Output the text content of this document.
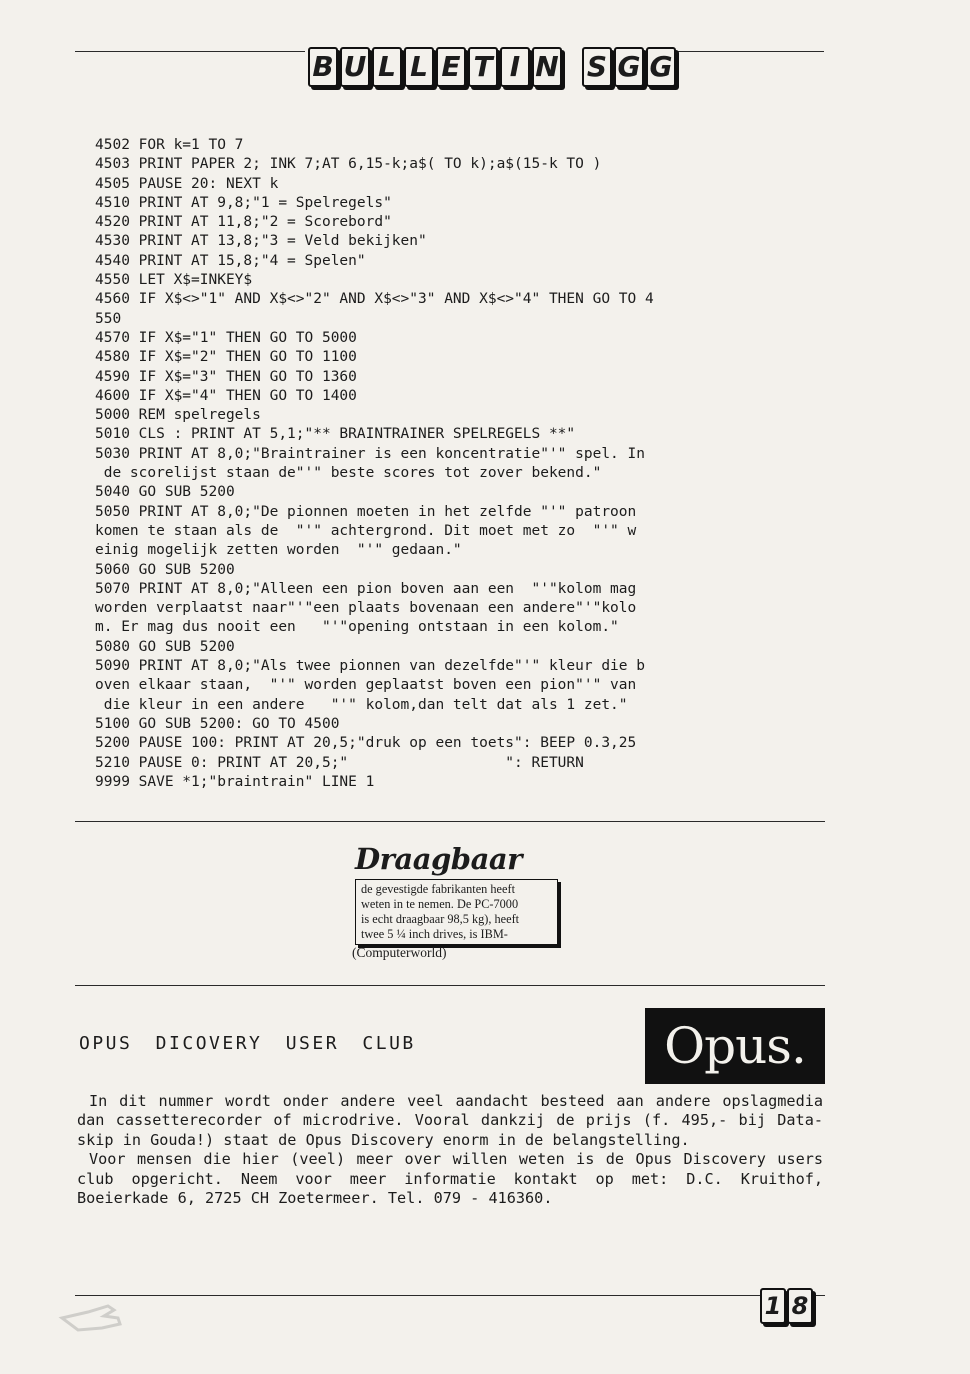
B U L L E T I N S G G
4502 FOR k=1 TO 7
4503 PRINT PAPER 2; INK 7;AT 6,15-k;a$( TO k);a$(15-k TO )
4505 PAUSE 20: NEXT k
4510 PRINT AT 9,8;"1 = Spelregels"
4520 PRINT AT 11,8;"2 = Scorebord"
4530 PRINT AT 13,8;"3 = Veld bekijken"
4540 PRINT AT 15,8;"4 = Spelen"
4550 LET X$=INKEY$
4560 IF X$<>"1" AND X$<>"2" AND X$<>"3" AND X$<>"4" THEN GO TO 4
550
4570 IF X$="1" THEN GO TO 5000
4580 IF X$="2" THEN GO TO 1100
4590 IF X$="3" THEN GO TO 1360
4600 IF X$="4" THEN GO TO 1400
5000 REM spelregels
5010 CLS : PRINT AT 5,1;"** BRAINTRAINER SPELREGELS **"
5030 PRINT AT 8,0;"Braintrainer is een koncentratie"'" spel. In
de scorelijst staan de"'" beste scores tot zover bekend."
5040 GO SUB 5200
5050 PRINT AT 8,0;"De pionnen moeten in het zelfde "'" patroon
komen te staan als de  "'" achtergrond. Dit moet met zo  "'" w
einig mogelijk zetten worden  "'" gedaan."
5060 GO SUB 5200
5070 PRINT AT 8,0;"Alleen een pion boven aan een  "'"kolom mag
worden verplaatst naar"'"een plaats bovenaan een andere"'"kolo
m. Er mag dus nooit een   "'"opening ontstaan in een kolom."
5080 GO SUB 5200
5090 PRINT AT 8,0;"Als twee pionnen van dezelfde"'" kleur die b
oven elkaar staan,  "'" worden geplaatst boven een pion"'" van
die kleur in een andere   "'" kolom,dan telt dat als 1 zet."
5100 GO SUB 5200: GO TO 4500
5200 PAUSE 100: PRINT AT 20,5;"druk op een toets": BEEP 0.3,25
5210 PAUSE 0: PRINT AT 20,5;"                  ": RETURN
9999 SAVE *1;"braintrain" LINE 1
Draagbaar
de gevestigde fabrikanten heeft
weten in te nemen. De PC-7000
is echt draagbaar 98,5 kg), heeft
twee 5 ¼ inch drives, is IBM-
(Computerworld)
OPUS DICOVERY USER CLUB	Opus.

In dit nummer wordt onder andere veel aandacht besteed aan andere opslagmedia dan cassetterecorder of microdrive. Vooral dankzij de prijs (f. 495,- bij Data-skip in Gouda!) staat de Opus Discovery enorm in de belangstelling.

Voor mensen die hier (veel) meer over willen weten is de Opus Discovery users club opgericht. Neem voor meer informatie kontakt op met: D.C. Kruithof, Boeierkade 6, 2725 CH Zoetermeer. Tel. 079 - 416360.

1 8
